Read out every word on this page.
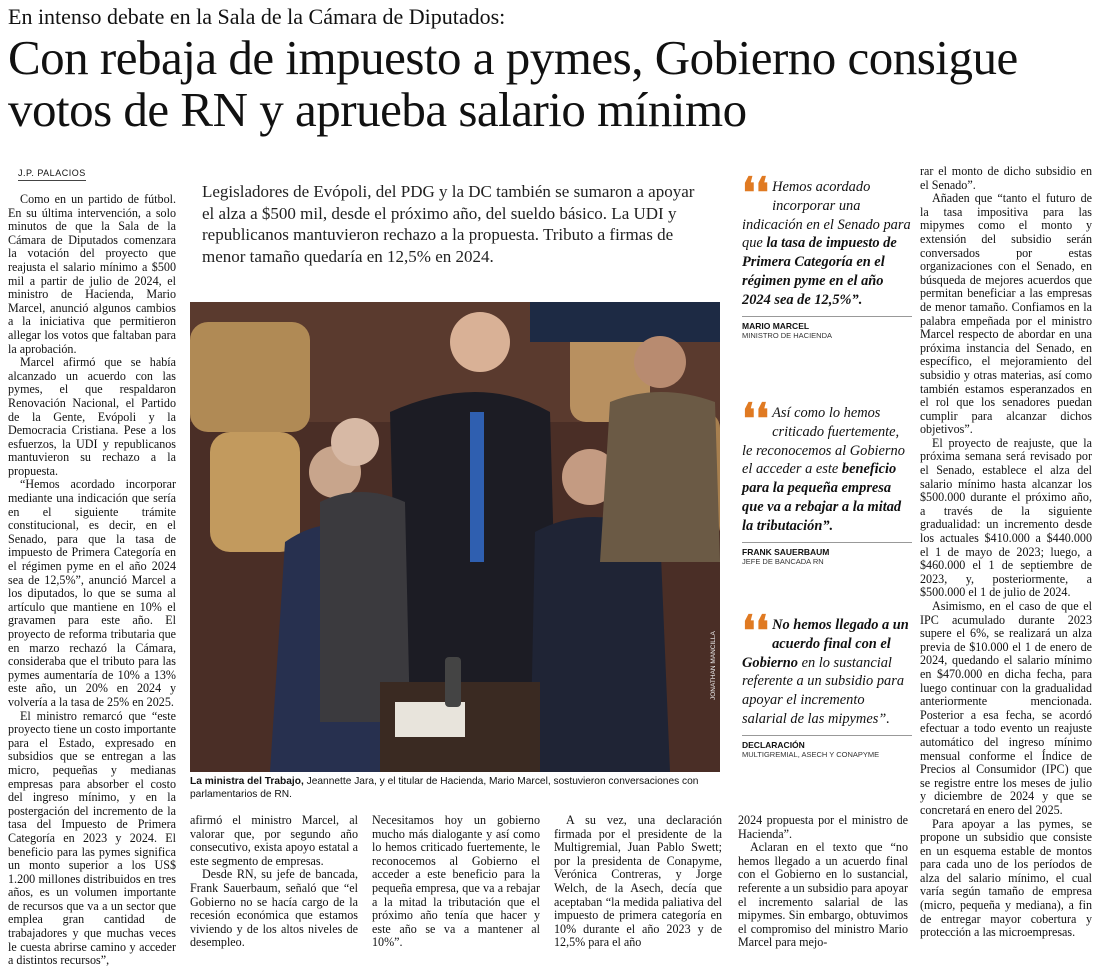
En intenso debate en la Sala de la Cámara de Diputados:
Con rebaja de impuesto a pymes, Gobierno consigue votos de RN y aprueba salario mínimo
J.P. PALACIOS

Como en un partido de fútbol. En su última intervención, a solo minutos de que la Sala de la Cámara de Diputados comenzara la votación del proyecto que reajusta el salario mínimo a $500 mil a partir de julio de 2024, el ministro de Hacienda, Mario Marcel, anunció algunos cambios a la iniciativa que permitieron allegar los votos que faltaban para la aprobación.

Marcel afirmó que se había alcanzado un acuerdo con las pymes, el que respaldaron Renovación Nacional, el Partido de la Gente, Evópoli y la Democracia Cristiana. Pese a los esfuerzos, la UDI y republicanos mantuvieron su rechazo a la propuesta.

“Hemos acordado incorporar mediante una indicación que sería en el siguiente trámite constitucional, es decir, en el Senado, para que la tasa de impuesto de Primera Categoría en el régimen pyme en el año 2024 sea de 12,5%”, anunció Marcel a los diputados, lo que se suma al artículo que mantiene en 10% el gravamen para este año. El proyecto de reforma tributaria que en marzo rechazó la Cámara, consideraba que el tributo para las pymes aumentaría de 10% a 13% este año, un 20% en 2024 y volvería a la tasa de 25% en 2025.

El ministro remarcó que “este proyecto tiene un costo importante para el Estado, expresado en subsidios que se entregan a las micro, pequeñas y medianas empresas para absorber el costo del ingreso mínimo, y en la postergación del incremento de la tasa del Impuesto de Primera Categoría en 2023 y 2024. El beneficio para las pymes significa un monto superior a los US$ 1.200 millones distribuidos en tres años, es un volumen importante de recursos que va a un sector que emplea gran cantidad de trabajadores y que muchas veces le cuesta abrirse camino y acceder a distintos recursos”,

Legisladores de Evópoli, del PDG y la DC también se sumaron a apoyar el alza a $500 mil, desde el próximo año, del sueldo básico. La UDI y republicanos mantuvieron rechazo a la propuesta. Tributo a firmas de menor tamaño quedaría en 12,5% en 2024.
JONATHAN MANCILLA
La ministra del Trabajo, Jeannette Jara, y el titular de Hacienda, Mario Marcel, sostuvieron conversaciones con parlamentarios de RN.

afirmó el ministro Marcel, al valorar que, por segundo año consecutivo, exista apoyo estatal a este segmento de empresas.

Desde RN, su jefe de bancada, Frank Sauerbaum, señaló que “el Gobierno no se hacía cargo de la recesión económica que estamos viviendo y de los altos niveles de desempleo.

Necesitamos hoy un gobierno mucho más dialogante y así como lo hemos criticado fuertemente, le reconocemos al Gobierno el acceder a este beneficio para la pequeña empresa, que va a rebajar a la mitad la tributación que el próximo año tenía que hacer y este año se va a mantener al 10%”.

A su vez, una declaración firmada por el presidente de la Multigremial, Juan Pablo Swett; por la presidenta de Conapyme, Verónica Contreras, y Jorge Welch, de la Asech, decía que aceptaban “la medida paliativa del impuesto de primera categoría en 10% durante el año 2023 y de 12,5% para el año

2024 propuesta por el ministro de Hacienda”.

Aclaran en el texto que “no hemos llegado a un acuerdo final con el Gobierno en lo sustancial, referente a un subsidio para apoyar el incremento salarial de las mipymes. Sin embargo, obtuvimos el compromiso del ministro Mario Marcel para mejo-

❛❛ Hemos acordado incorporar una indicación en el Senado para que la tasa de impuesto de Primera Categoría en el régimen pyme en el año 2024 sea de 12,5%”.
MARIO MARCEL
MINISTRO DE HACIENDA
❛❛ Así como lo hemos criticado fuertemente, le reconocemos al Gobierno el acceder a este beneficio para la pequeña empresa que va a rebajar a la mitad la tributación”.
FRANK SAUERBAUM
JEFE DE BANCADA RN
❛❛ No hemos llegado a un acuerdo final con el Gobierno en lo sustancial referente a un subsidio para apoyar el incremento salarial de las mipymes”.
DECLARACIÓN
MULTIGREMIAL, ASECH Y CONAPYME

rar el monto de dicho subsidio en el Senado”.

Añaden que “tanto el futuro de la tasa impositiva para las mipymes como el monto y extensión del subsidio serán conversados por estas organizaciones con el Senado, en búsqueda de mejores acuerdos que permitan beneficiar a las empresas de menor tamaño. Confiamos en la palabra empeñada por el ministro Marcel respecto de abordar en una próxima instancia del Senado, en específico, el mejoramiento del subsidio y otras materias, así como también estamos esperanzados en el rol que los senadores puedan cumplir para alcanzar dichos objetivos”.

El proyecto de reajuste, que la próxima semana será revisado por el Senado, establece el alza del salario mínimo hasta alcanzar los $500.000 durante el próximo año, a través de la siguiente gradualidad: un incremento desde los actuales $410.000 a $440.000 el 1 de mayo de 2023; luego, a $460.000 el 1 de septiembre de 2023, y, posteriormente, a $500.000 el 1 de julio de 2024.

Asimismo, en el caso de que el IPC acumulado durante 2023 supere el 6%, se realizará un alza previa de $10.000 el 1 de enero de 2024, quedando el salario mínimo en $470.000 en dicha fecha, para luego continuar con la gradualidad anteriormente mencionada. Posterior a esa fecha, se acordó efectuar a todo evento un reajuste automático del ingreso mínimo mensual conforme el Índice de Precios al Consumidor (IPC) que se registre entre los meses de julio y diciembre de 2024 y que se concretará en enero del 2025.

Para apoyar a las pymes, se propone un subsidio que consiste en un esquema estable de montos para cada uno de los períodos de alza del salario mínimo, el cual varía según tamaño de empresa (micro, pequeña y mediana), a fin de entregar mayor cobertura y protección a las microempresas.
